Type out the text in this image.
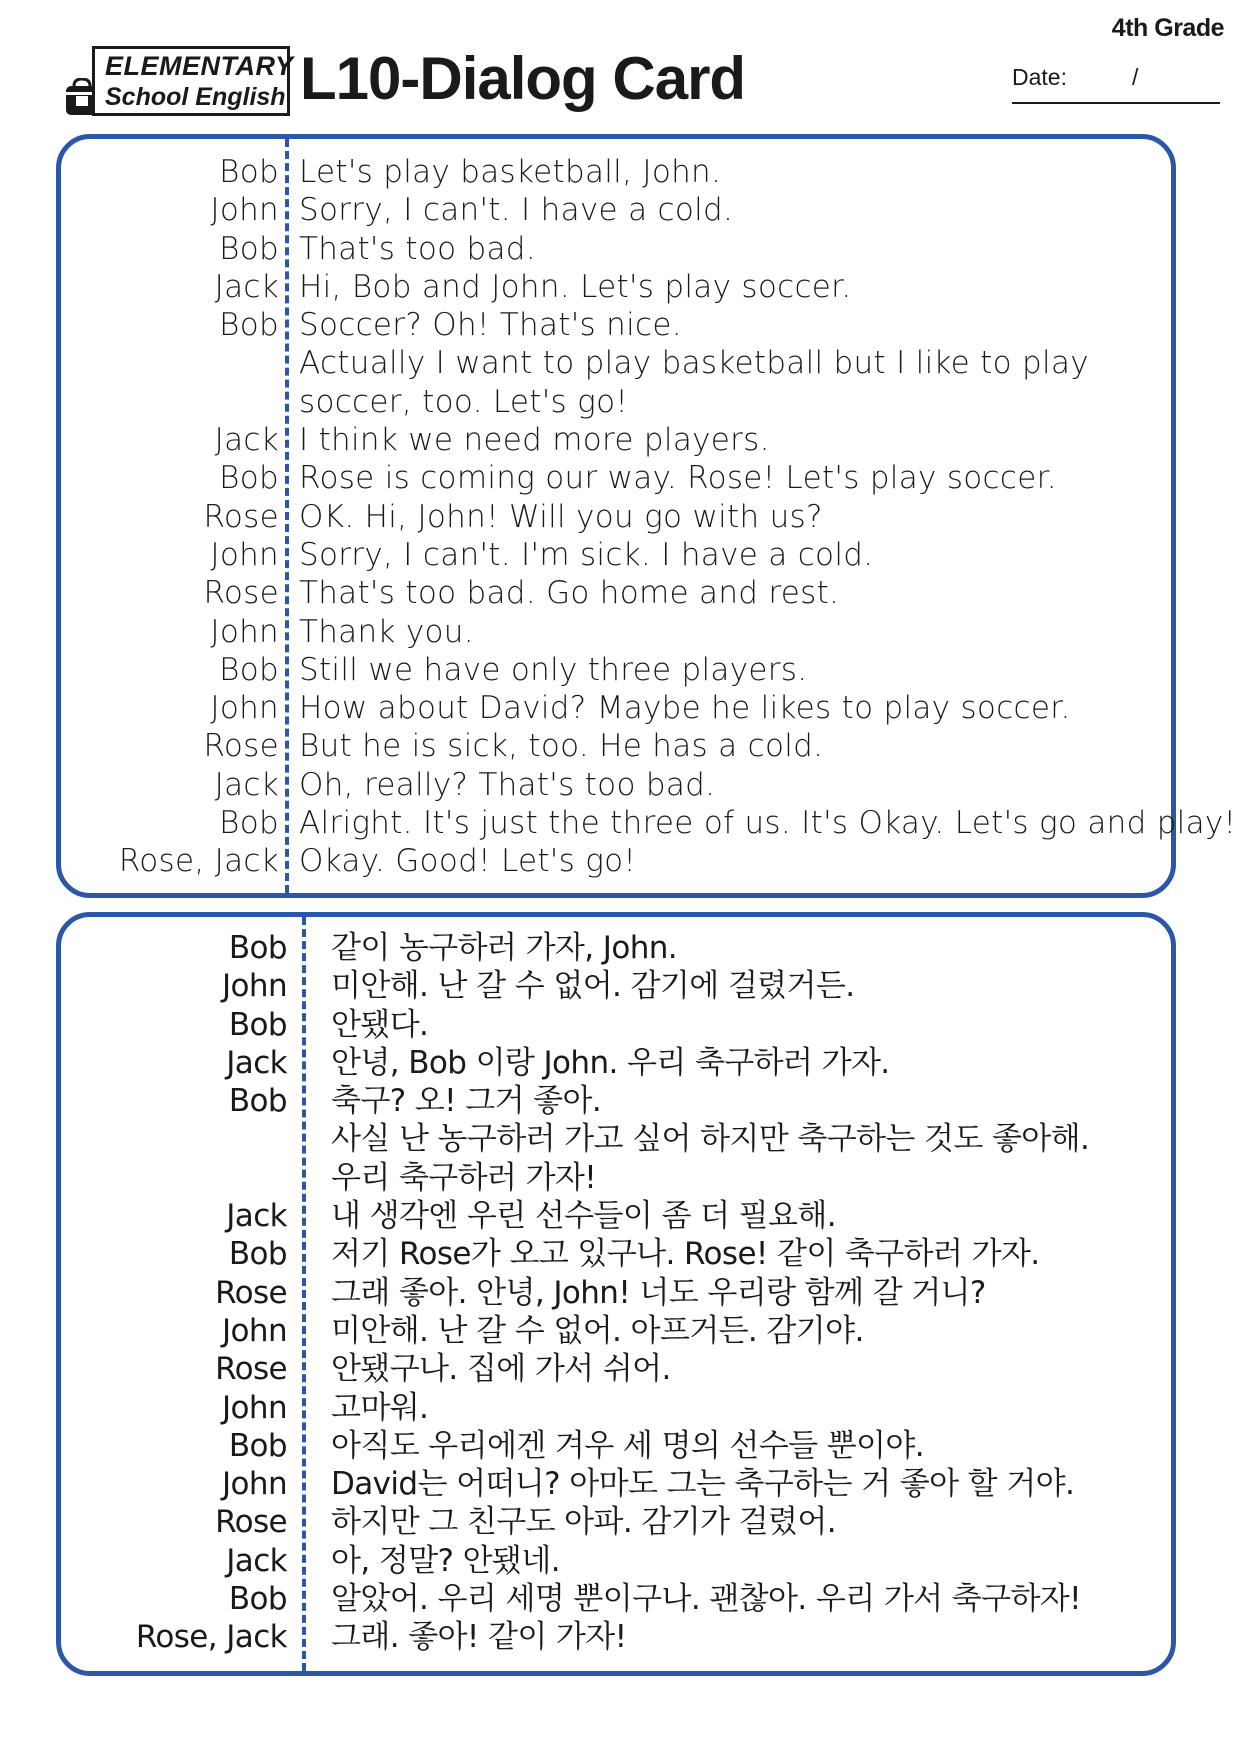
4th Grade
ELEMENTARY
School English L10-Dialog Card	Date:	/
Bob Let's play basketball, John.
John Sorry, I can't. I have a cold.
Bob That's too bad.
Jack Hi, Bob and John. Let's play soccer.
Bob Soccer? Oh! That's nice.
Actually I want to play basketball but I like to play
soccer, too. Let's go!
Jack I think we need more players.
Bob Rose is coming our way. Rose! Let's play soccer.
Rose OK. Hi, John! Will you go with us?
John Sorry, I can't. I'm sick. I have a cold.
Rose That's too bad. Go home and rest.
John Thank you.
Bob Still we have only three players.
John How about David? Maybe he likes to play soccer.
Rose But he is sick, too. He has a cold.
Jack Oh, really? That's too bad.
Bob Alright. It's just the three of us. It's Okay. Let's go and play!
Rose, Jack Okay. Good! Let's go!
Bob 같이 농구하러 가자, John.
John 미안해. 난 갈 수 없어. 감기에 걸렸거든.
Bob 안됐다.
Jack 안녕, Bob 이랑 John. 우리 축구하러 가자.
Bob 축구? 오! 그거 좋아.
사실 난 농구하러 가고 싶어 하지만 축구하는 것도 좋아해.
우리 축구하러 가자!
Jack 내 생각엔 우린 선수들이 좀 더 필요해.
Bob 저기 Rose가 오고 있구나. Rose! 같이 축구하러 가자.
Rose 그래 좋아. 안녕, John! 너도 우리랑 함께 갈 거니?
John 미안해. 난 갈 수 없어. 아프거든. 감기야.
Rose 안됐구나. 집에 가서 쉬어.
John 고마워.
Bob 아직도 우리에겐 겨우 세 명의 선수들 뿐이야.
John David는 어떠니? 아마도 그는 축구하는 거 좋아 할 거야.
Rose 하지만 그 친구도 아파. 감기가 걸렸어.
Jack 아, 정말? 안됐네.
Bob 알았어. 우리 세명 뿐이구나. 괜찮아. 우리 가서 축구하자!
Rose, Jack 그래. 좋아! 같이 가자!
